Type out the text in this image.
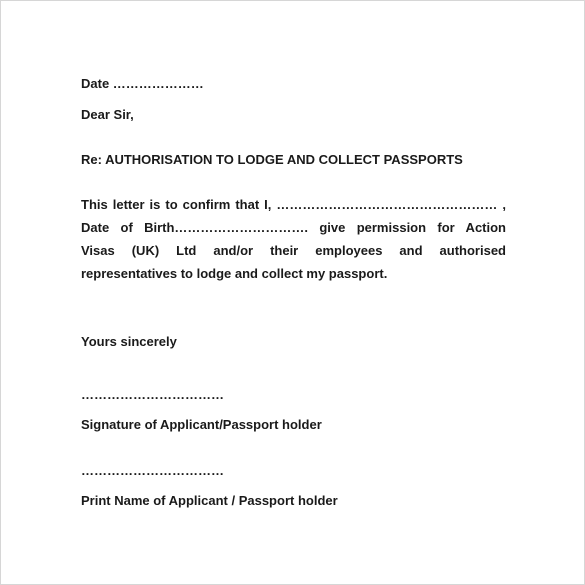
Date …………………
Dear Sir,
Re: AUTHORISATION TO LODGE AND COLLECT PASSPORTS
This letter is to confirm that I, …………………………………………… ,
Date of Birth…………………………. give permission for Action
Visas (UK) Ltd and/or their employees and authorised
representatives to lodge and collect my passport.
Yours sincerely
……………………………
Signature of Applicant/Passport holder
……………………………
Print Name of Applicant / Passport holder
